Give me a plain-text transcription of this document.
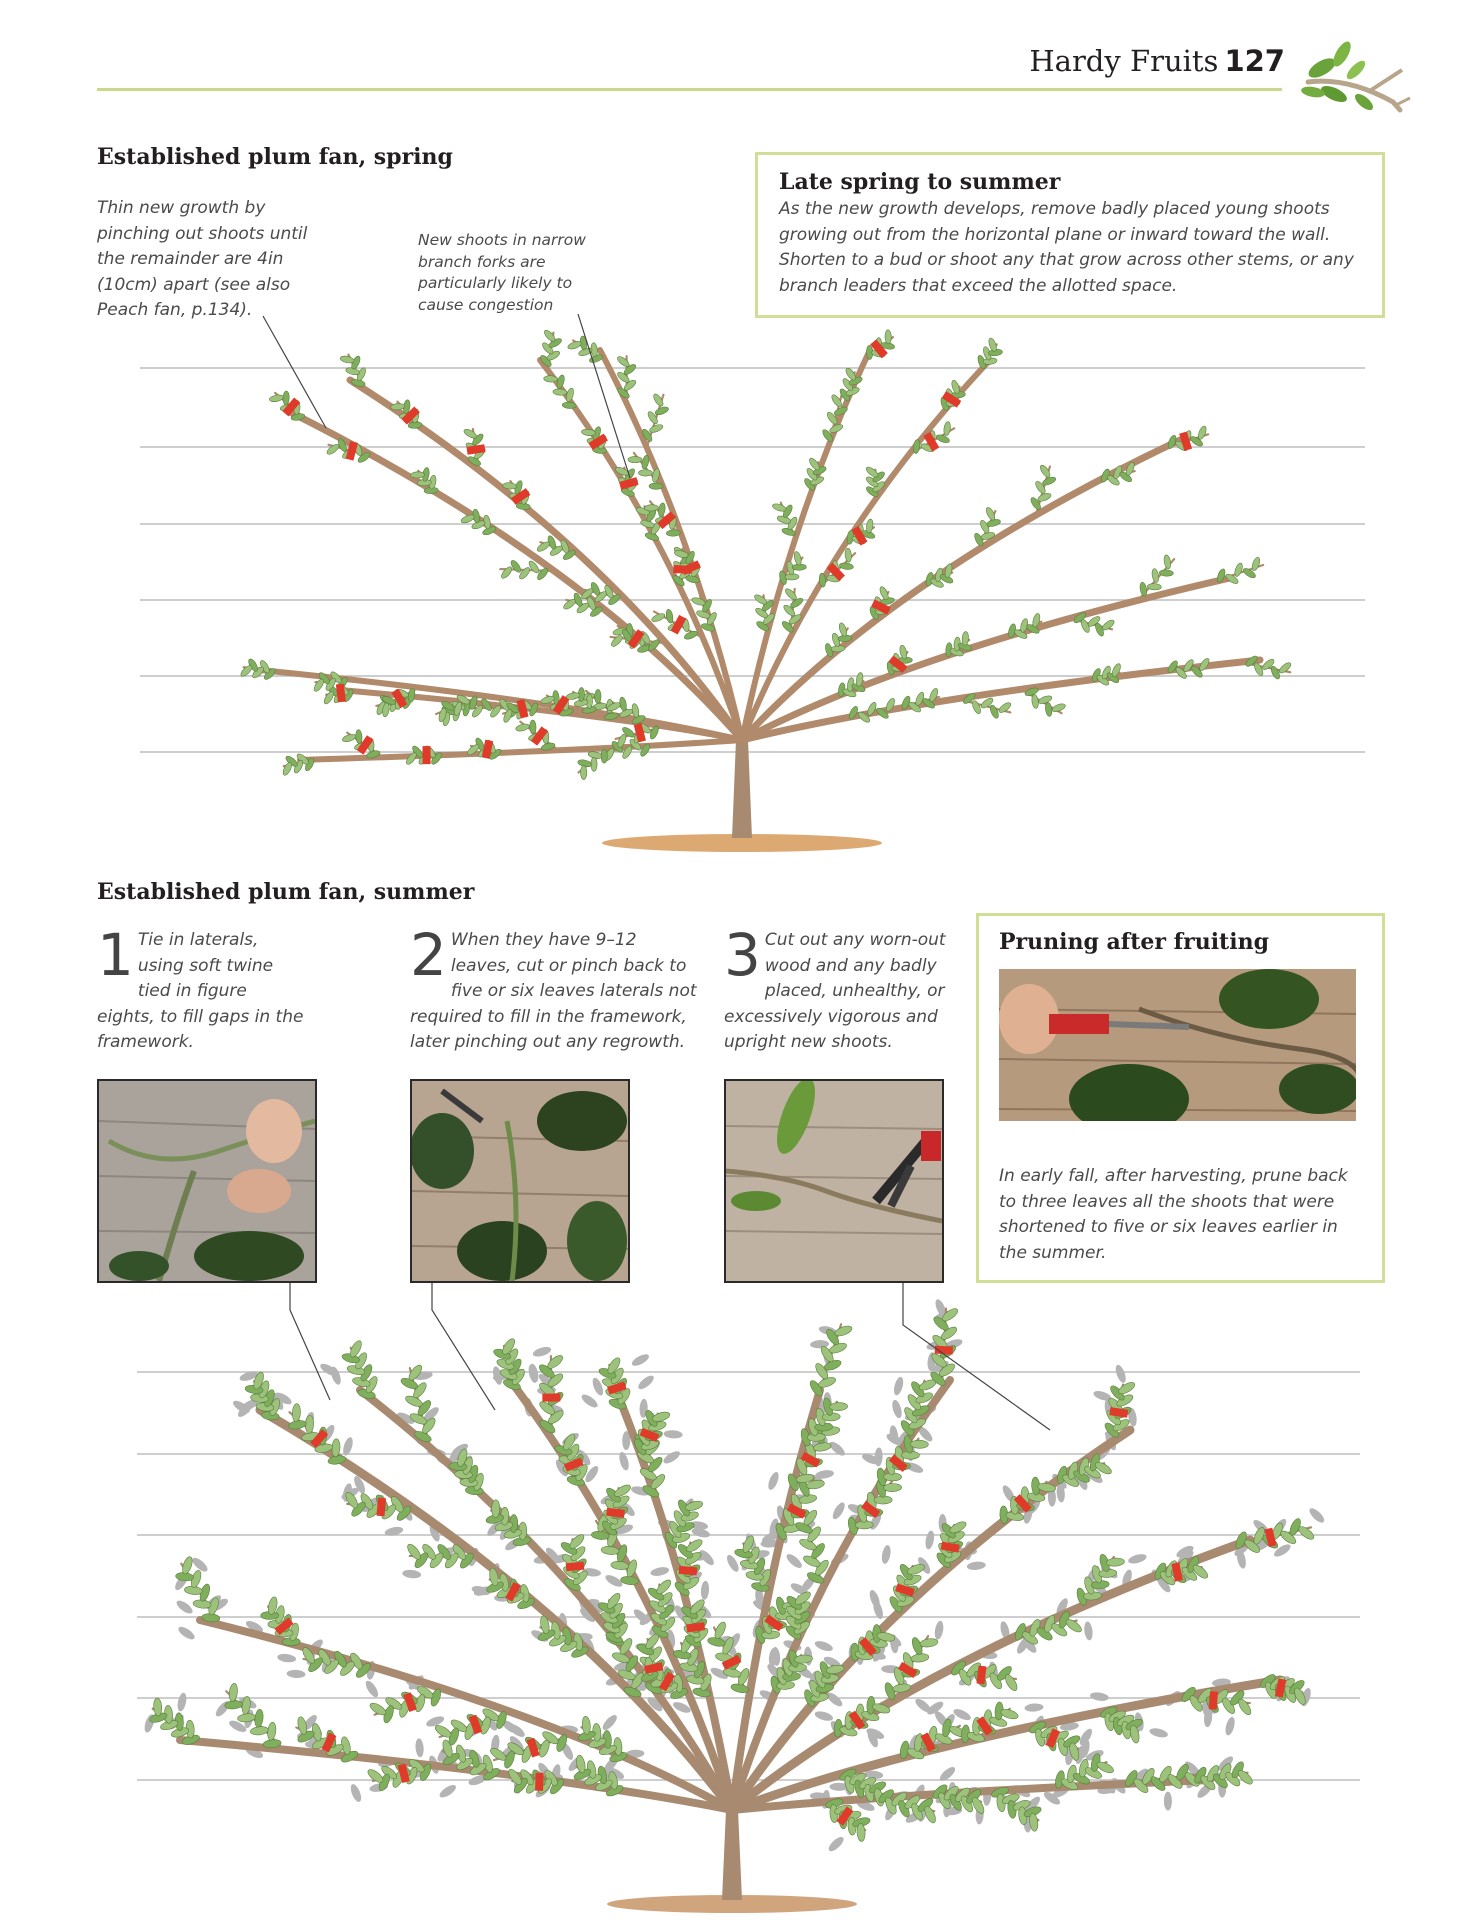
Hardy Fruits 127
Established plum fan, spring
Thin new growth by pinching out shoots until the remainder are 4in (10cm) apart (see also Peach fan, p.134).
New shoots in narrow branch forks are particularly likely to cause congestion
Late spring to summer
As the new growth develops, remove badly placed young shoots growing out from the horizontal plane or inward toward the wall. Shorten to a bud or shoot any that grow across other stems, or any branch leaders that exceed the allotted space.
Established plum fan, summer
1 Tie in laterals, using soft twine tied in figure eights, to fill gaps in the framework.
2 When they have 9–12 leaves, cut or pinch back to five or six leaves laterals not required to fill in the framework, later pinching out any regrowth.
3 Cut out any worn-out wood and any badly placed, unhealthy, or excessively vigorous and upright new shoots.
Pruning after fruiting
In early fall, after harvesting, prune back to three leaves all the shoots that were shortened to five or six leaves earlier in the summer.
